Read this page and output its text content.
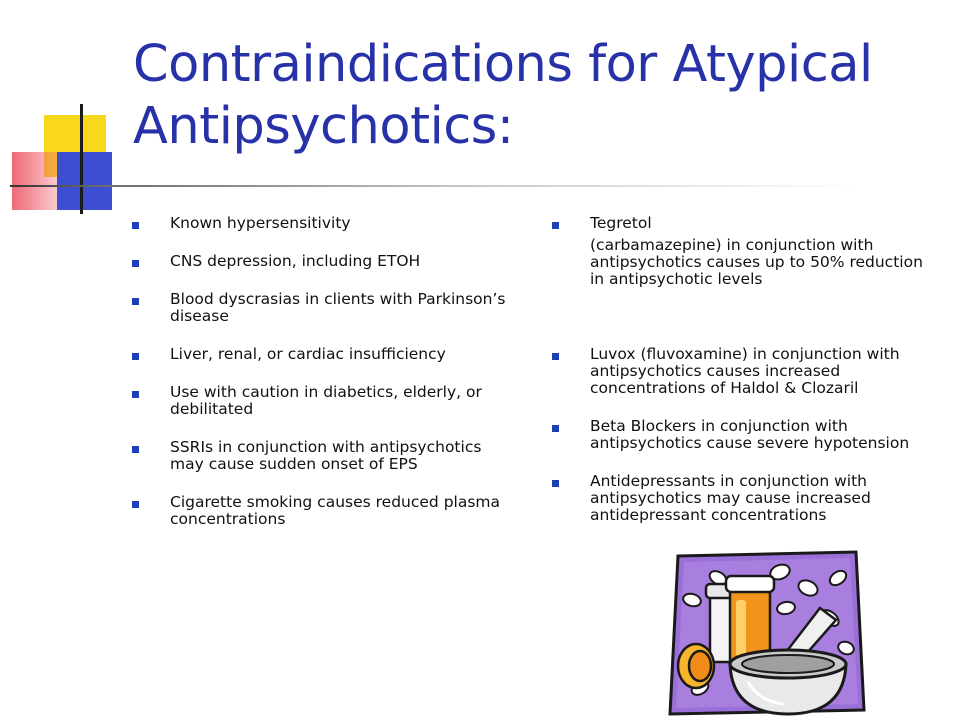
Contraindications for Atypical Antipsychotics:
Known hypersensitivity
CNS depression, including ETOH
Blood dyscrasias in clients with Parkinson’s disease
Liver, renal, or cardiac insufficiency
Use with caution in diabetics, elderly, or debilitated
SSRIs in conjunction with antipsychotics may cause sudden onset of EPS
Cigarette smoking causes reduced plasma concentrations
Tegretol
(carbamazepine) in conjunction with antipsychotics causes up to 50% reduction in antipsychotic levels
Luvox (fluvoxamine) in conjunction with antipsychotics causes increased concentrations of Haldol & Clozaril
Beta Blockers in conjunction with antipsychotics cause severe hypotension
Antidepressants in conjunction with antipsychotics may cause increased antidepressant concentrations
